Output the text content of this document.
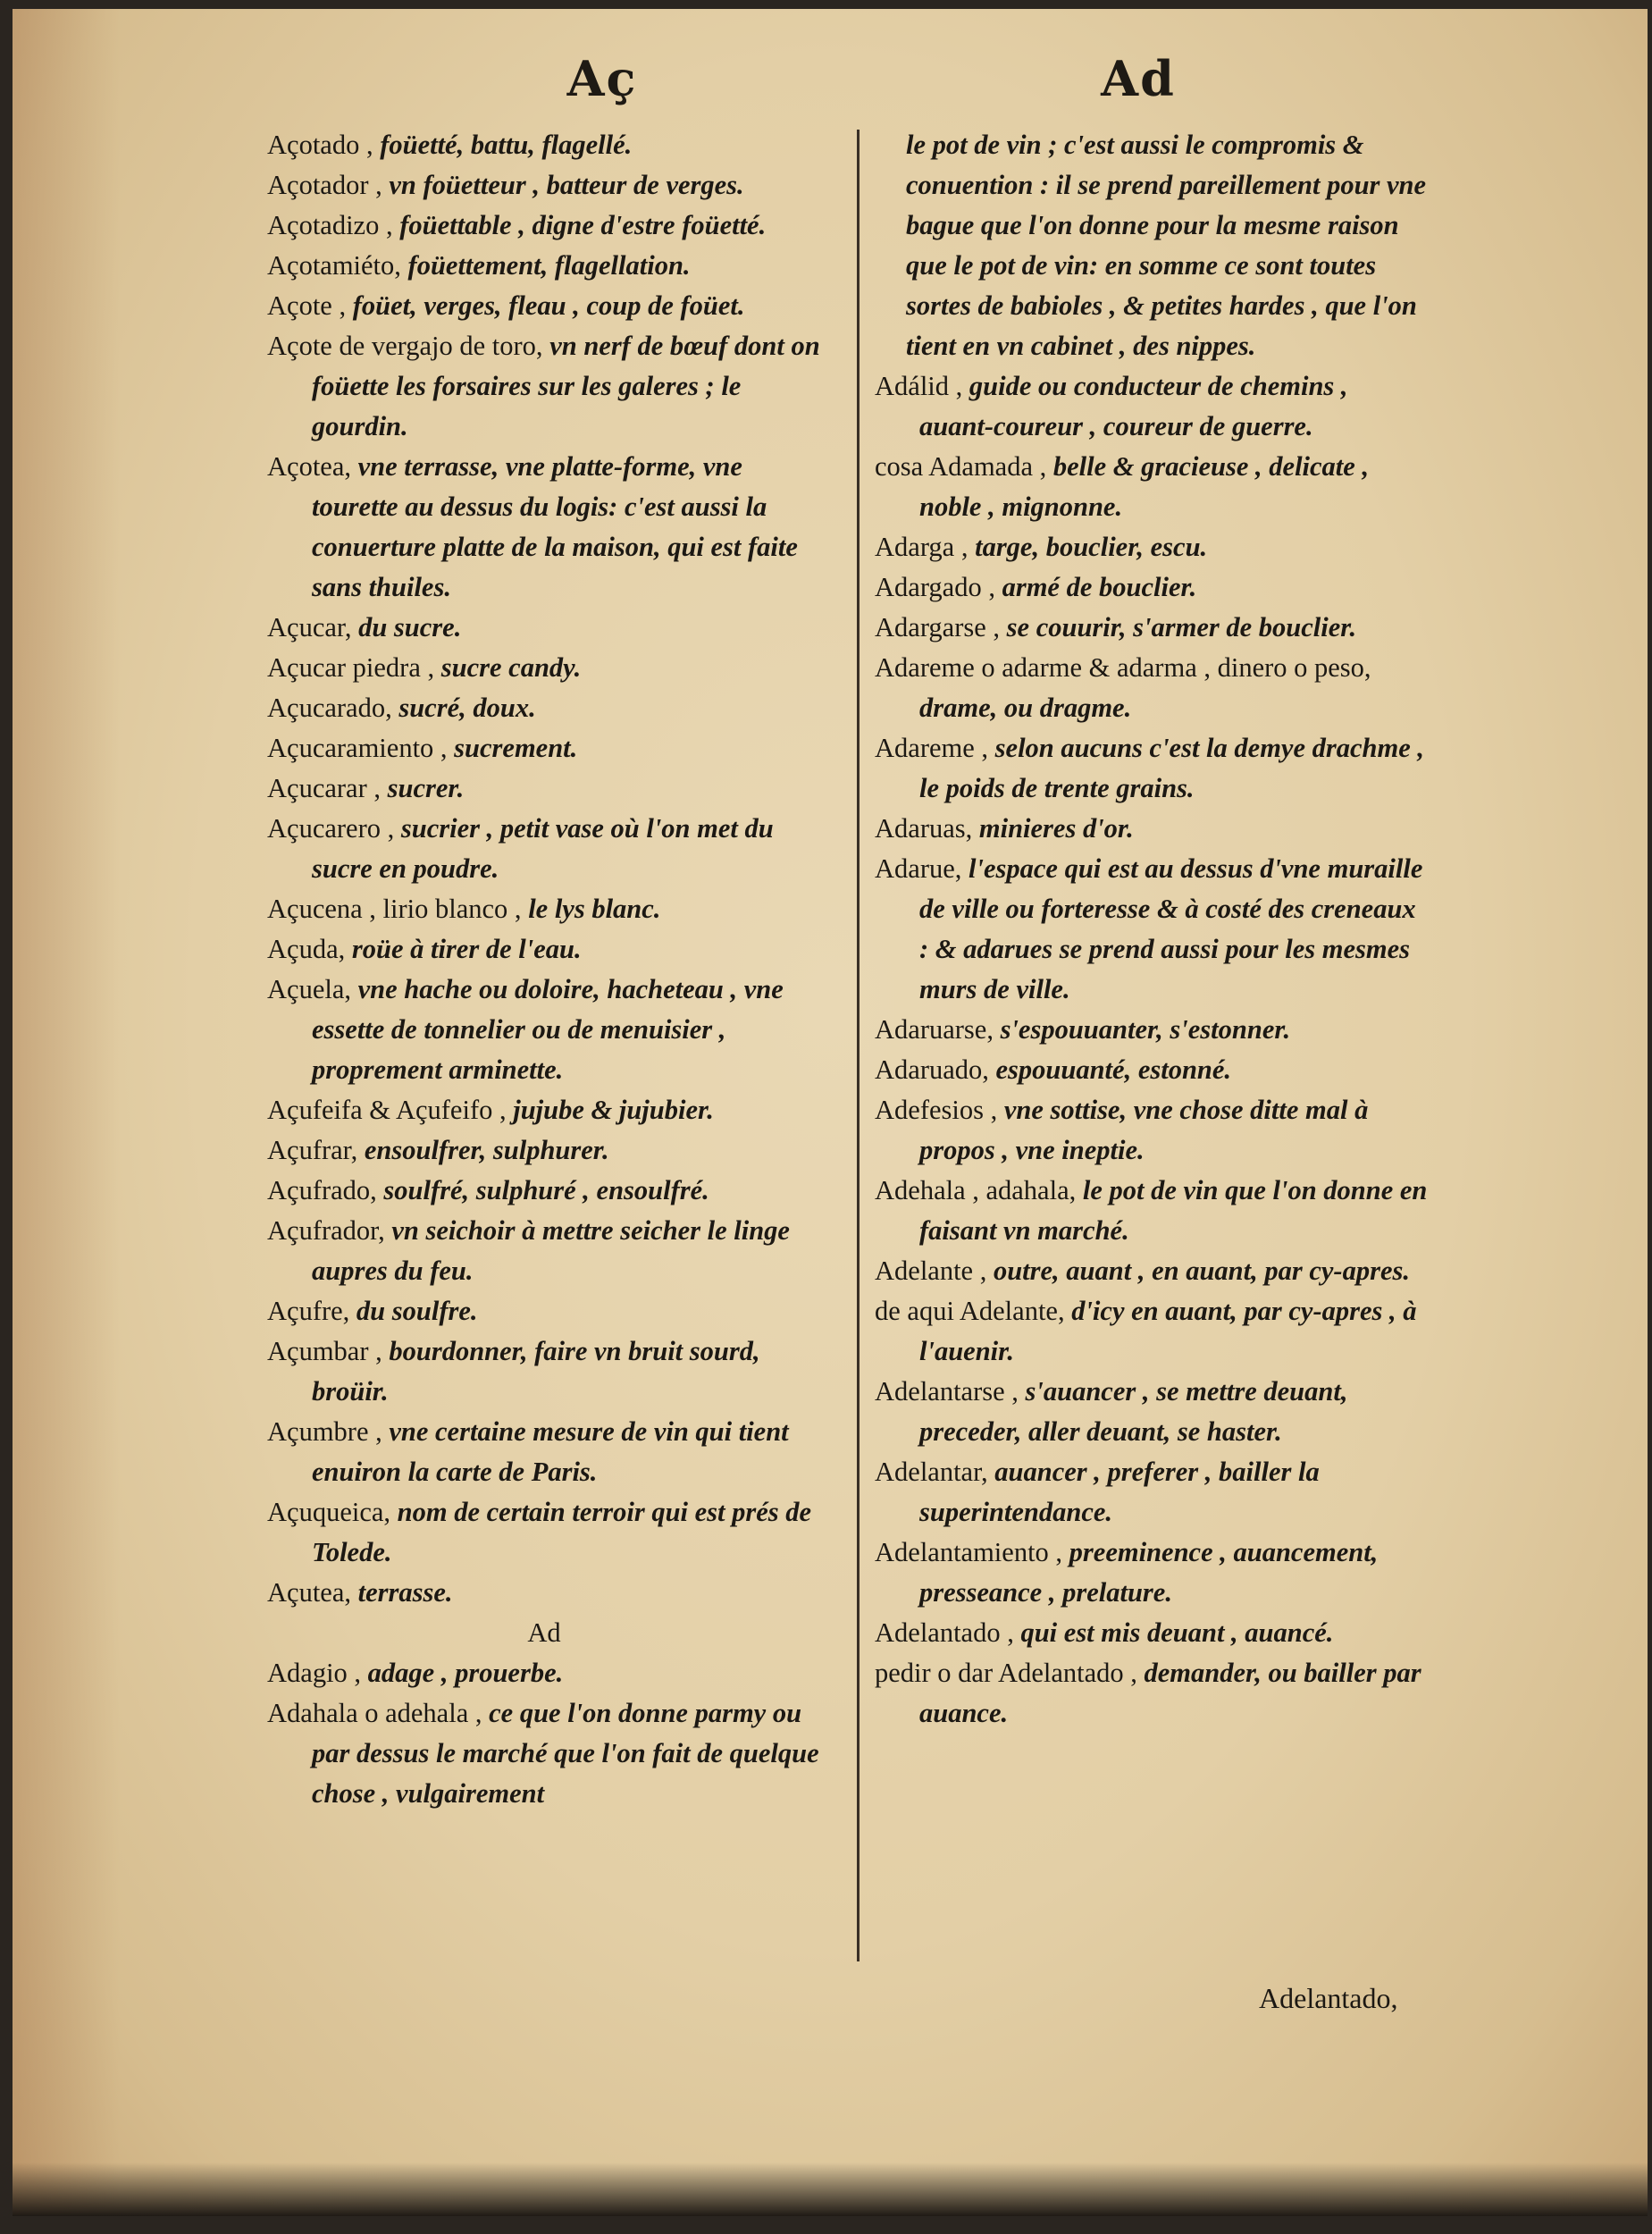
Aç	Ad

Açotado , foüetté, battu, flagellé.

Açotador , vn foüetteur , batteur de verges.

Açotadizo , foüettable , digne d'estre foüetté.

Açotamiéto, foüettement, flagellation.

Açote , foüet, verges, fleau , coup de foüet.

Açote de vergajo de toro, vn nerf de bœuf dont on foüette les forsaires sur les galeres ; le gourdin.

Açotea, vne terrasse, vne platte-forme, vne tourette au dessus du logis: c'est aussi la conuerture platte de la maison, qui est faite sans thuiles.

Açucar, du sucre.

Açucar piedra , sucre candy.

Açucarado, sucré, doux.

Açucaramiento , sucrement.

Açucarar , sucrer.

Açucarero , sucrier , petit vase où l'on met du sucre en poudre.

Açucena , lirio blanco , le lys blanc.

Açuda, roüe à tirer de l'eau.

Açuela, vne hache ou doloire, hacheteau , vne essette de tonnelier ou de menuisier , proprement arminette.

Açufeifa & Açufeifo , jujube & jujubier.

Açufrar, ensoulfrer, sulphurer.

Açufrado, soulfré, sulphuré , ensoulfré.

Açufrador, vn seichoir à mettre seicher le linge aupres du feu.

Açufre, du soulfre.

Açumbar , bourdonner, faire vn bruit sourd, broüir.

Açumbre , vne certaine mesure de vin qui tient enuiron la carte de Paris.

Açuqueica, nom de certain terroir qui est prés de Tolede.

Açutea, terrasse.

Ad

Adagio , adage , prouerbe.

Adahala o adehala , ce que l'on donne parmy ou par dessus le marché que l'on fait de quelque chose , vulgairement

le pot de vin ; c'est aussi le compromis & conuention : il se prend pareillement pour vne bague que l'on donne pour la mesme raison que le pot de vin: en somme ce sont toutes sortes de babioles , & petites hardes , que l'on tient en vn cabinet , des nippes.

Adálid , guide ou conducteur de chemins , auant-coureur , coureur de guerre.

cosa Adamada , belle & gracieuse , delicate , noble , mignonne.

Adarga , targe, bouclier, escu.

Adargado , armé de bouclier.

Adargarse , se couurir, s'armer de bouclier.

Adareme o adarme & adarma , dinero o peso, drame, ou dragme.

Adareme , selon aucuns c'est la demye drachme , le poids de trente grains.

Adaruas, minieres d'or.

Adarue, l'espace qui est au dessus d'vne muraille de ville ou forteresse & à costé des creneaux : & adarues se prend aussi pour les mesmes murs de ville.

Adaruarse, s'espouuanter, s'estonner.

Adaruado, espouuanté, estonné.

Adefesios , vne sottise, vne chose ditte mal à propos , vne ineptie.

Adehala , adahala, le pot de vin que l'on donne en faisant vn marché.

Adelante , outre, auant , en auant, par cy-apres.

de aqui Adelante, d'icy en auant, par cy-apres , à l'auenir.

Adelantarse , s'auancer , se mettre deuant, preceder, aller deuant, se haster.

Adelantar, auancer , preferer , bailler la superintendance.

Adelantamiento , preeminence , auancement, presseance , prelature.

Adelantado , qui est mis deuant , auancé.

pedir o dar Adelantado , demander, ou bailler par auance.

Adelantado,
